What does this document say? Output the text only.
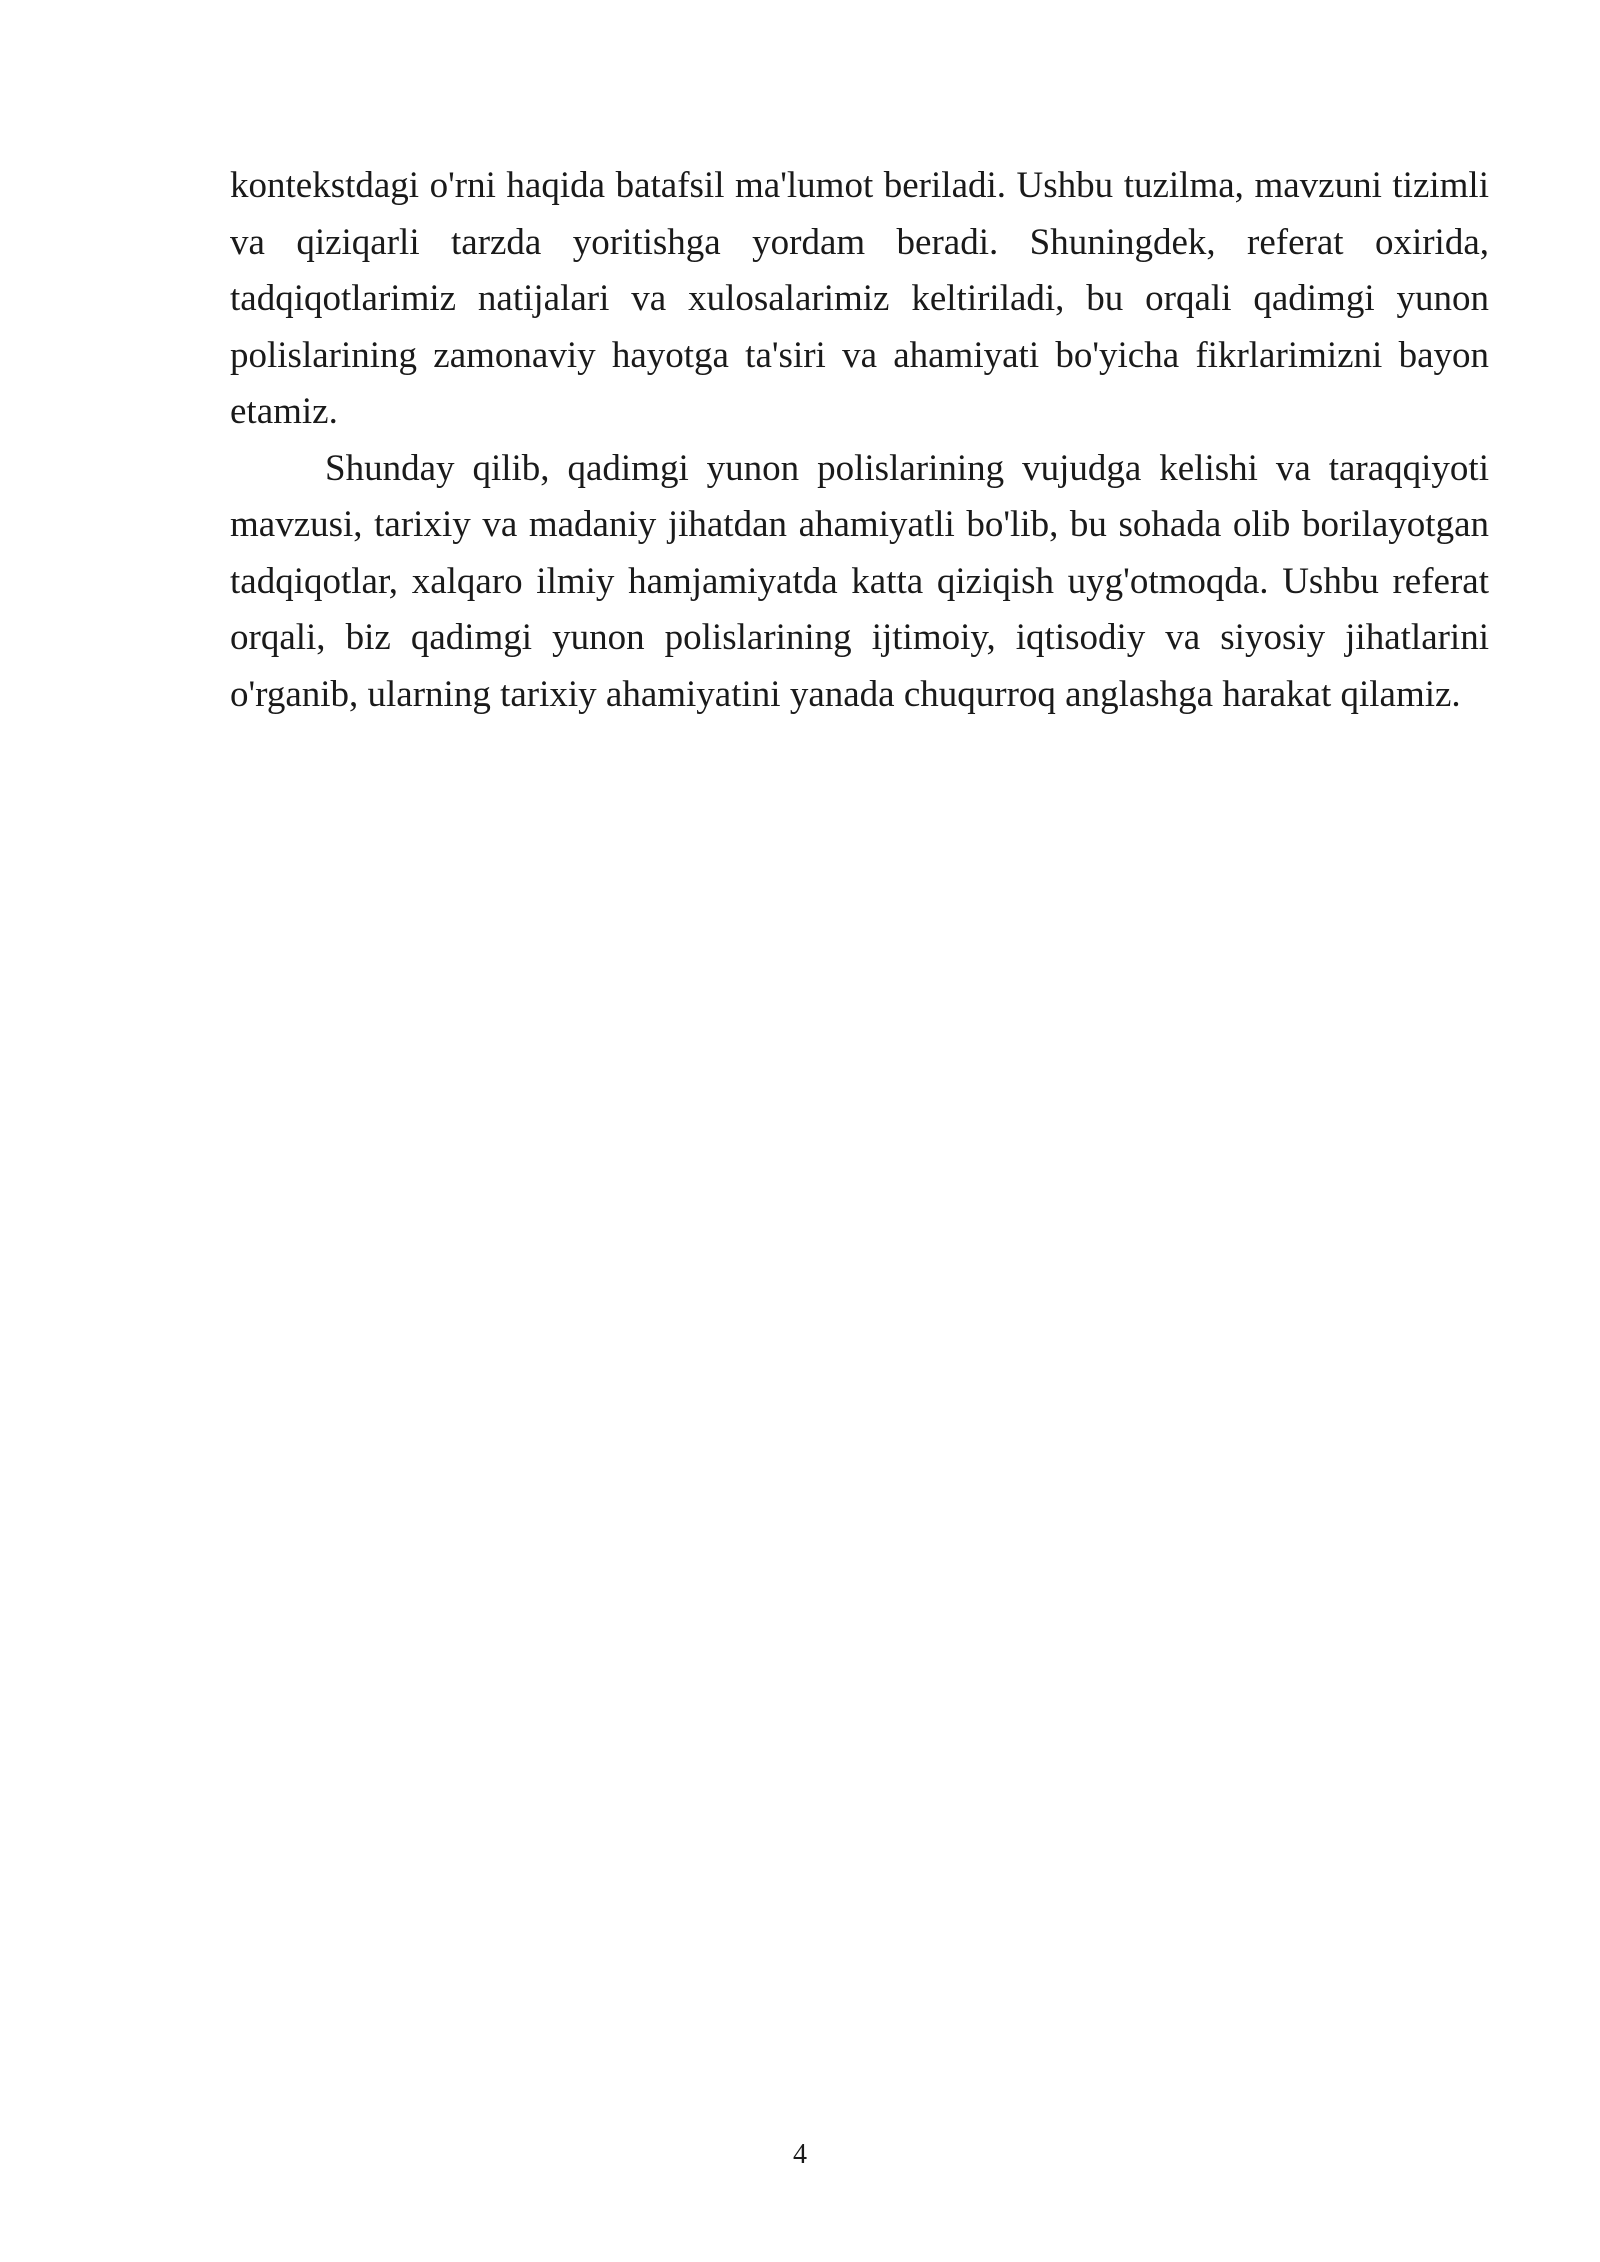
kontekstdagi o'rni haqida batafsil ma'lumot beriladi. Ushbu tuzilma, mavzuni tizimli va qiziqarli tarzda yoritishga yordam beradi. Shuningdek, referat oxirida, tadqiqotlarimiz natijalari va xulosalarimiz keltiriladi, bu orqali qadimgi yunon polislarining zamonaviy hayotga ta'siri va ahamiyati bo'yicha fikrlarimizni bayon etamiz.

Shunday qilib, qadimgi yunon polislarining vujudga kelishi va taraqqiyoti mavzusi, tarixiy va madaniy jihatdan ahamiyatli bo'lib, bu sohada olib borilayotgan tadqiqotlar, xalqaro ilmiy hamjamiyatda katta qiziqish uyg'otmoqda. Ushbu referat orqali, biz qadimgi yunon polislarining ijtimoiy, iqtisodiy va siyosiy jihatlarini o'rganib, ularning tarixiy ahamiyatini yanada chuqurroq anglashga harakat qilamiz.

4
